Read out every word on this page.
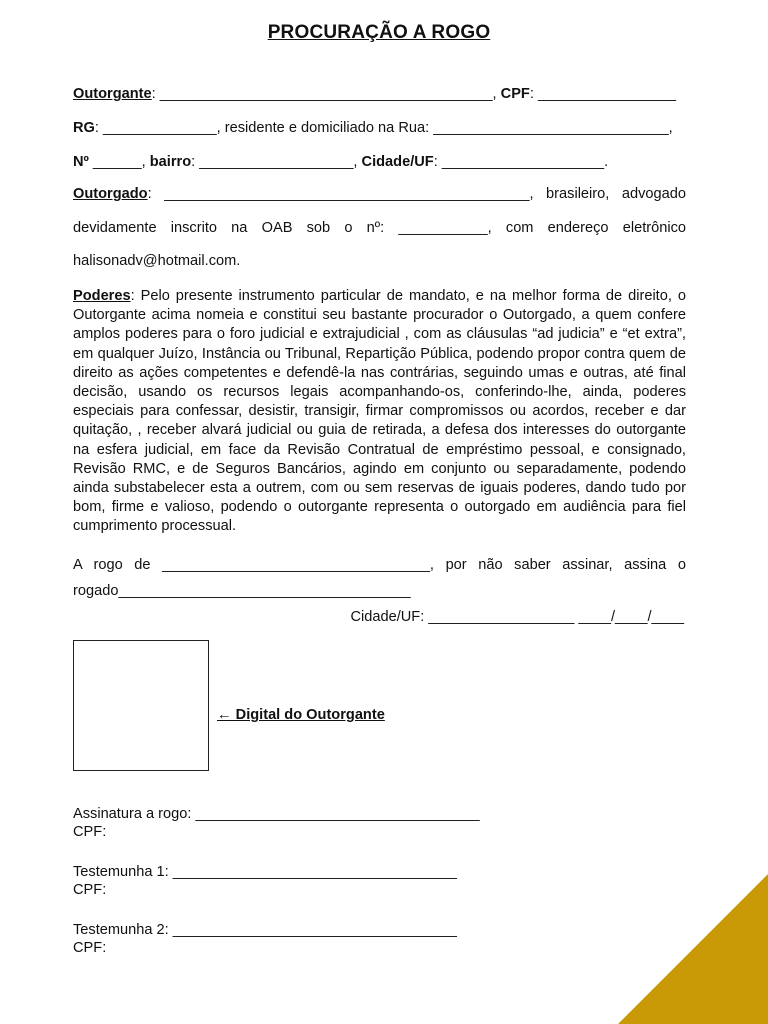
PROCURAÇÃO A ROGO
Outorgante: _________________________________________, CPF: _________________
RG: ______________, residente e domiciliado na Rua: _____________________________,
Nº ______, bairro: ___________________, Cidade/UF: ____________________.
Outorgado: _____________________________________________, brasileiro, advogado
devidamente inscrito na OAB sob o nº: ___________, com endereço eletrônico
halisonadv@hotmail.com.
Poderes: Pelo presente instrumento particular de mandato, e na melhor forma de direito, o Outorgante acima nomeia e constitui seu bastante procurador o Outorgado, a quem confere amplos poderes para o foro judicial e extrajudicial , com as cláusulas “ad judicia” e “et extra”, em qualquer Juízo, Instância ou Tribunal, Repartição Pública, podendo propor contra quem de direito as ações competentes e defendê-la nas contrárias, seguindo umas e outras, até final decisão, usando os recursos legais acompanhando-os, conferindo-lhe, ainda, poderes especiais para confessar, desistir, transigir, firmar compromissos ou acordos, receber e dar quitação, , receber alvará judicial ou guia de retirada, a defesa dos interesses do outorgante na esfera judicial, em face da Revisão Contratual de empréstimo pessoal, e consignado, Revisão RMC, e de Seguros Bancários, agindo em conjunto ou separadamente, podendo ainda substabelecer esta a outrem, com ou sem reservas de iguais poderes, dando tudo por bom, firme e valioso, podendo o outorgante representa o outorgado em audiência para fiel cumprimento processual.
A rogo de _________________________________, por não saber assinar, assina o
rogado____________________________________
Cidade/UF: __________________ ____/____/____
← Digital do Outorgante
Assinatura a rogo: ___________________________________
CPF:
Testemunha 1: ___________________________________
CPF:
Testemunha 2: ___________________________________
CPF:
